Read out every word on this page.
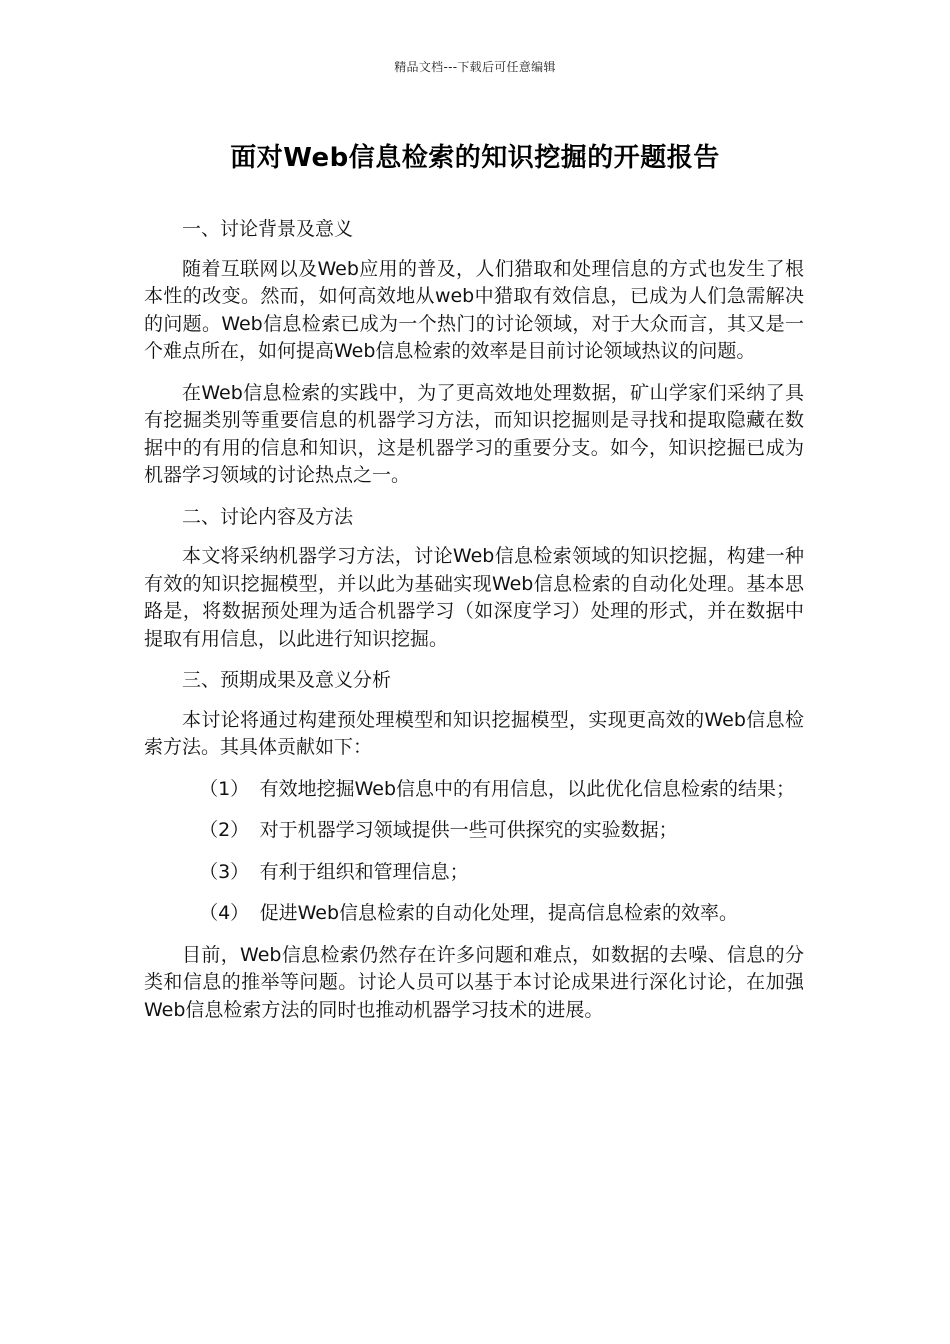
精品文档---下载后可任意编辑
面对Web信息检索的知识挖掘的开题报告

一、讨论背景及意义

随着互联网以及Web应用的普及，人们猎取和处理信息的方式也发生了根本性的改变。然而，如何高效地从web中猎取有效信息，已成为人们急需解决的问题。Web信息检索已成为一个热门的讨论领域，对于大众而言，其又是一个难点所在，如何提高Web信息检索的效率是目前讨论领域热议的问题。

在Web信息检索的实践中，为了更高效地处理数据，矿山学家们采纳了具有挖掘类别等重要信息的机器学习方法，而知识挖掘则是寻找和提取隐藏在数据中的有用的信息和知识，这是机器学习的重要分支。如今，知识挖掘已成为机器学习领域的讨论热点之一。

二、讨论内容及方法

本文将采纳机器学习方法，讨论Web信息检索领域的知识挖掘，构建一种有效的知识挖掘模型，并以此为基础实现Web信息检索的自动化处理。基本思路是，将数据预处理为适合机器学习（如深度学习）处理的形式，并在数据中提取有用信息，以此进行知识挖掘。

三、预期成果及意义分析

本讨论将通过构建预处理模型和知识挖掘模型，实现更高效的Web信息检索方法。其具体贡献如下：

（1） 有效地挖掘Web信息中的有用信息，以此优化信息检索的结果；

（2） 对于机器学习领域提供一些可供探究的实验数据；

（3） 有利于组织和管理信息；

（4） 促进Web信息检索的自动化处理，提高信息检索的效率。

目前，Web信息检索仍然存在许多问题和难点，如数据的去噪、信息的分类和信息的推举等问题。讨论人员可以基于本讨论成果进行深化讨论，在加强Web信息检索方法的同时也推动机器学习技术的进展。
